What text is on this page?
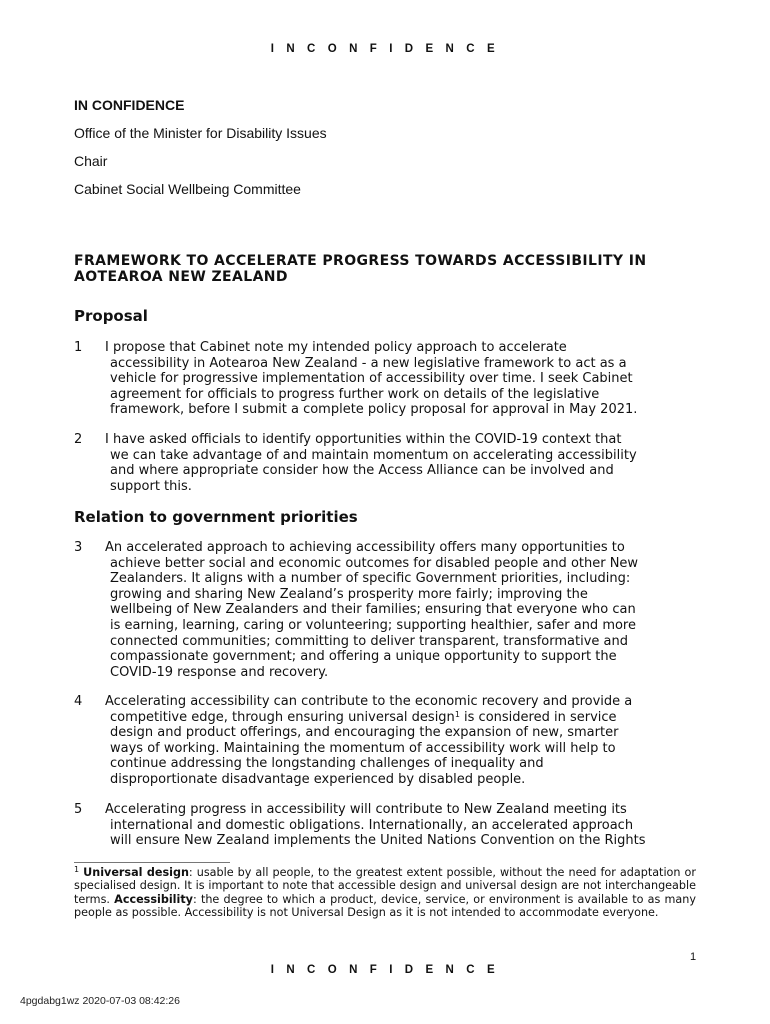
I N C O N F I D E N C E
IN CONFIDENCE
Office of the Minister for Disability Issues
Chair
Cabinet Social Wellbeing Committee
FRAMEWORK TO ACCELERATE PROGRESS TOWARDS ACCESSIBILITY IN
AOTEAROA NEW ZEALAND
Proposal
1 I propose that Cabinet note my intended policy approach to accelerate
accessibility in Aotearoa New Zealand - a new legislative framework to act as a
vehicle for progressive implementation of accessibility over time. I seek Cabinet
agreement for officials to progress further work on details of the legislative
framework, before I submit a complete policy proposal for approval in May 2021.
2 I have asked officials to identify opportunities within the COVID-19 context that
we can take advantage of and maintain momentum on accelerating accessibility
and where appropriate consider how the Access Alliance can be involved and
support this.
Relation to government priorities
3 An accelerated approach to achieving accessibility offers many opportunities to
achieve better social and economic outcomes for disabled people and other New
Zealanders. It aligns with a number of specific Government priorities, including:
growing and sharing New Zealand’s prosperity more fairly; improving the
wellbeing of New Zealanders and their families; ensuring that everyone who can
is earning, learning, caring or volunteering; supporting healthier, safer and more
connected communities; committing to deliver transparent, transformative and
compassionate government; and offering a unique opportunity to support the
COVID-19 response and recovery.
4 Accelerating accessibility can contribute to the economic recovery and provide a
competitive edge, through ensuring universal design$^1$ is considered in service
design and product offerings, and encouraging the expansion of new, smarter
ways of working. Maintaining the momentum of accessibility work will help to
continue addressing the longstanding challenges of inequality and
disproportionate disadvantage experienced by disabled people.
5 Accelerating progress in accessibility will contribute to New Zealand meeting its
international and domestic obligations. Internationally, an accelerated approach
will ensure New Zealand implements the United Nations Convention on the Rights
$^1$ Universal design: usable by all people, to the greatest extent possible, without the need for adaptation or specialised design. It is important to note that accessible design and universal design are not interchangeable terms. Accessibility: the degree to which a product, device, service, or environment is available to as many people as possible. Accessibility is not Universal Design as it is not intended to accommodate everyone.
1
I N C O N F I D E N C E
4pgdabg1wz 2020-07-03 08:42:26
